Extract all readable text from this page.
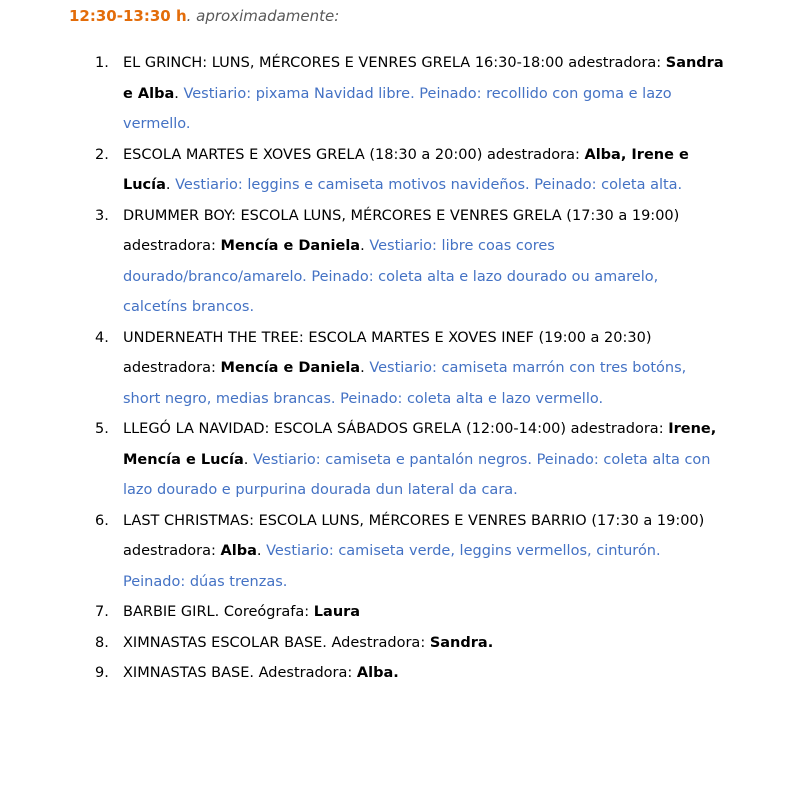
12:30-13:30 h. aproximadamente:
1. EL GRINCH: LUNS, MÉRCORES E VENRES GRELA 16:30-18:00 adestradora: Sandra e Alba. Vestiario: pixama Navidad libre. Peinado: recollido con goma e lazo vermello.
2. ESCOLA MARTES E XOVES GRELA (18:30 a 20:00) adestradora: Alba, Irene e Lucía. Vestiario: leggins e camiseta motivos navideños. Peinado: coleta alta.
3. DRUMMER BOY: ESCOLA LUNS, MÉRCORES E VENRES GRELA (17:30 a 19:00) adestradora: Mencía e Daniela. Vestiario: libre coas cores dourado/branco/amarelo. Peinado: coleta alta e lazo dourado ou amarelo, calcetíns brancos.
4. UNDERNEATH THE TREE: ESCOLA MARTES E XOVES INEF (19:00 a 20:30) adestradora: Mencía e Daniela. Vestiario: camiseta marrón con tres botóns, short negro, medias brancas. Peinado: coleta alta e lazo vermello.
5. LLEGÓ LA NAVIDAD: ESCOLA SÁBADOS GRELA (12:00-14:00) adestradora: Irene, Mencía e Lucía. Vestiario: camiseta e pantalón negros. Peinado: coleta alta con lazo dourado e purpurina dourada dun lateral da cara.
6. LAST CHRISTMAS: ESCOLA LUNS, MÉRCORES E VENRES BARRIO (17:30 a 19:00) adestradora: Alba. Vestiario: camiseta verde, leggins vermellos, cinturón. Peinado: dúas trenzas.
7. BARBIE GIRL. Coreógrafa: Laura
8. XIMNASTAS ESCOLAR BASE. Adestradora: Sandra.
9. XIMNASTAS BASE. Adestradora: Alba.
